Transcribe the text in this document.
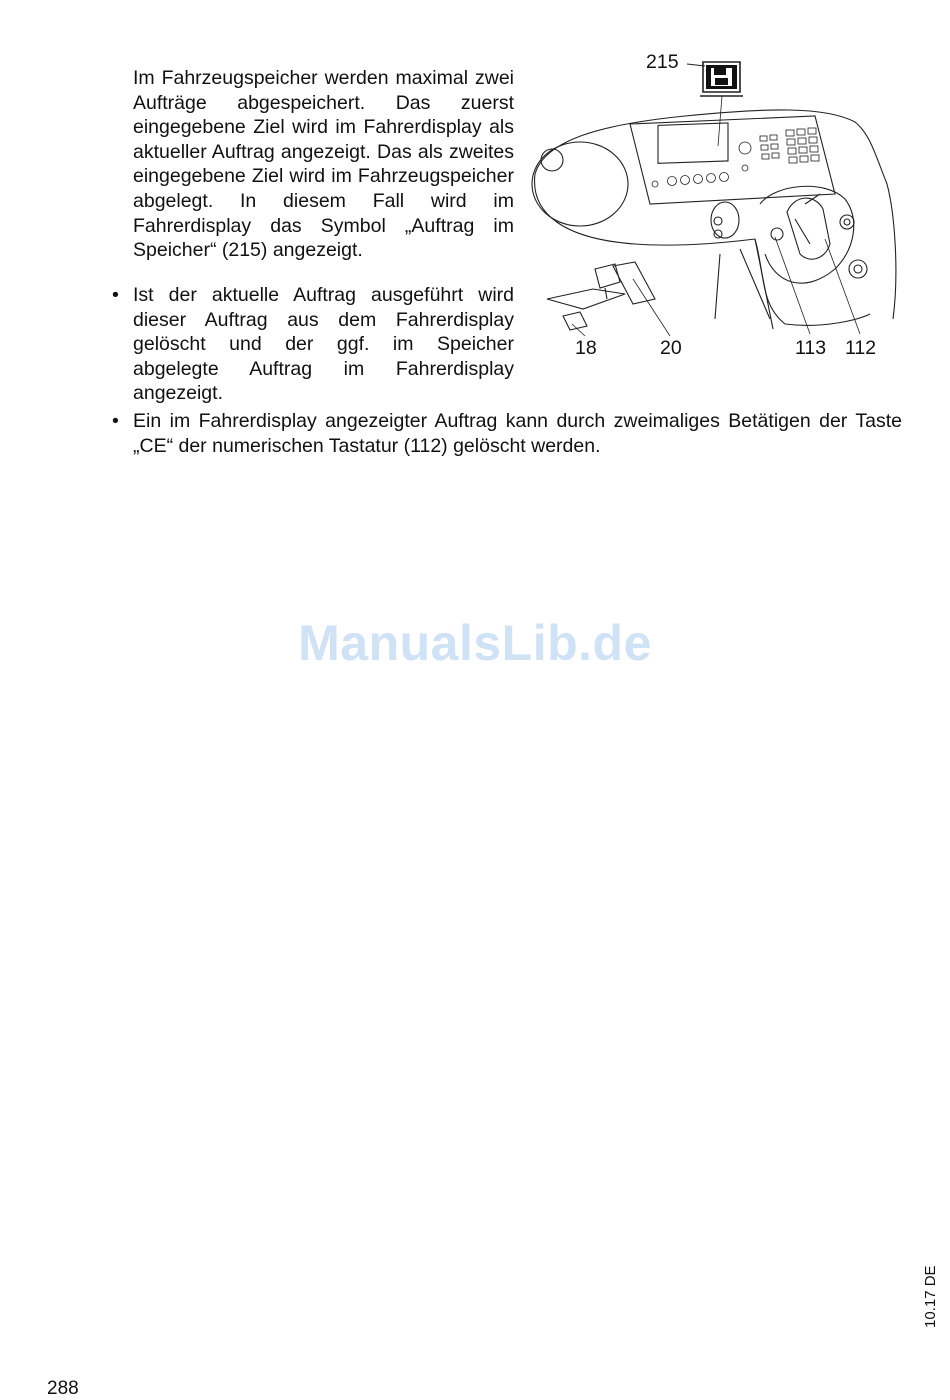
Im Fahrzeugspeicher werden maximal zwei Aufträge abgespeichert. Das zuerst eingegebene Ziel wird im Fahrerdisplay als aktueller Auftrag angezeigt. Das als zweites eingegebene Ziel wird im Fahrzeugspeicher abgelegt. In diesem Fall wird im Fahrerdisplay das Symbol „Auftrag im Speicher“ (215) angezeigt.

• Ist der aktuelle Auftrag ausgeführt wird dieser Auftrag aus dem Fahrerdisplay gelöscht und der ggf. im Speicher abgelegte Auftrag im Fahrerdisplay angezeigt.

• Ein im Fahrerdisplay angezeigter Auftrag kann durch zweimaliges Betätigen der Taste „CE“ der numerischen Tastatur (112) gelöscht werden.

215
18	20	113 112
ManualsLib.de
10.17 DE
288
